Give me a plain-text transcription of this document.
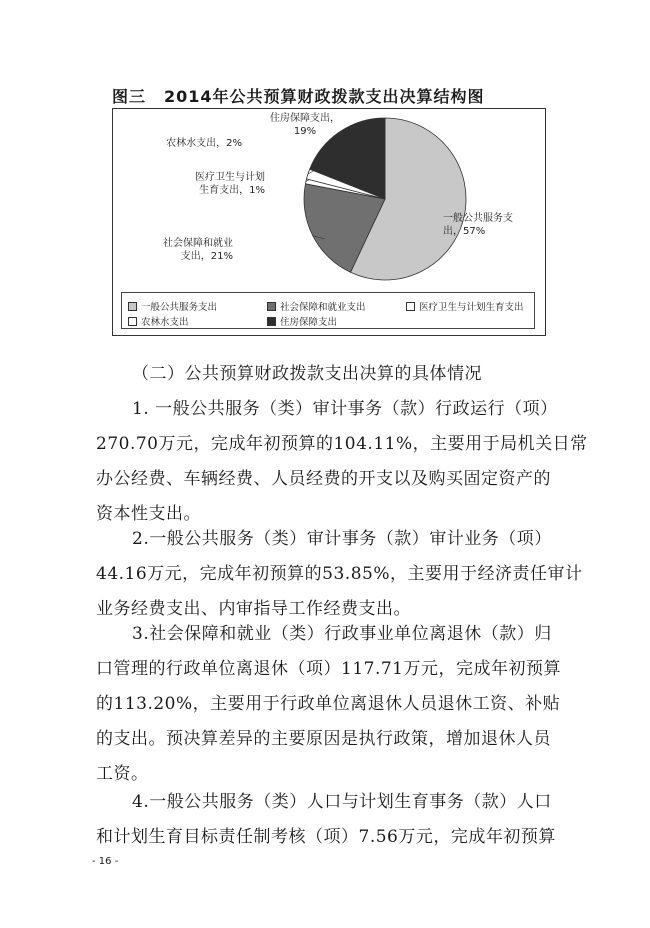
图三 2014年公共预算财政拨款支出决算结构图
一般公共服务支出，57%
社会保障和就业支出，21%
医疗卫生与计划生育支出，1%
农林水支出，2%
住房保障支出， 19%
一般公共服务支出	社会保障和就业支出	医疗卫生与计划生育支出
农林水支出	住房保障支出
（二）公共预算财政拨款支出决算的具体情况
1. 一般公共服务（类）审计事务（款）行政运行（项）
270.70万元，完成年初预算的104.11%，主要用于局机关日常
办公经费、车辆经费、人员经费的开支以及购买固定资产的
资本性支出。
2.一般公共服务（类）审计事务（款）审计业务（项）
44.16万元，完成年初预算的53.85%，主要用于经济责任审计
业务经费支出、内审指导工作经费支出。
3.社会保障和就业（类）行政事业单位离退休（款）归
口管理的行政单位离退休（项）117.71万元，完成年初预算
的113.20%，主要用于行政单位离退休人员退休工资、补贴
的支出。预决算差异的主要原因是执行政策，增加退休人员
工资。
4.一般公共服务（类）人口与计划生育事务（款）人口
和计划生育目标责任制考核（项）7.56万元，完成年初预算
- 16 -
